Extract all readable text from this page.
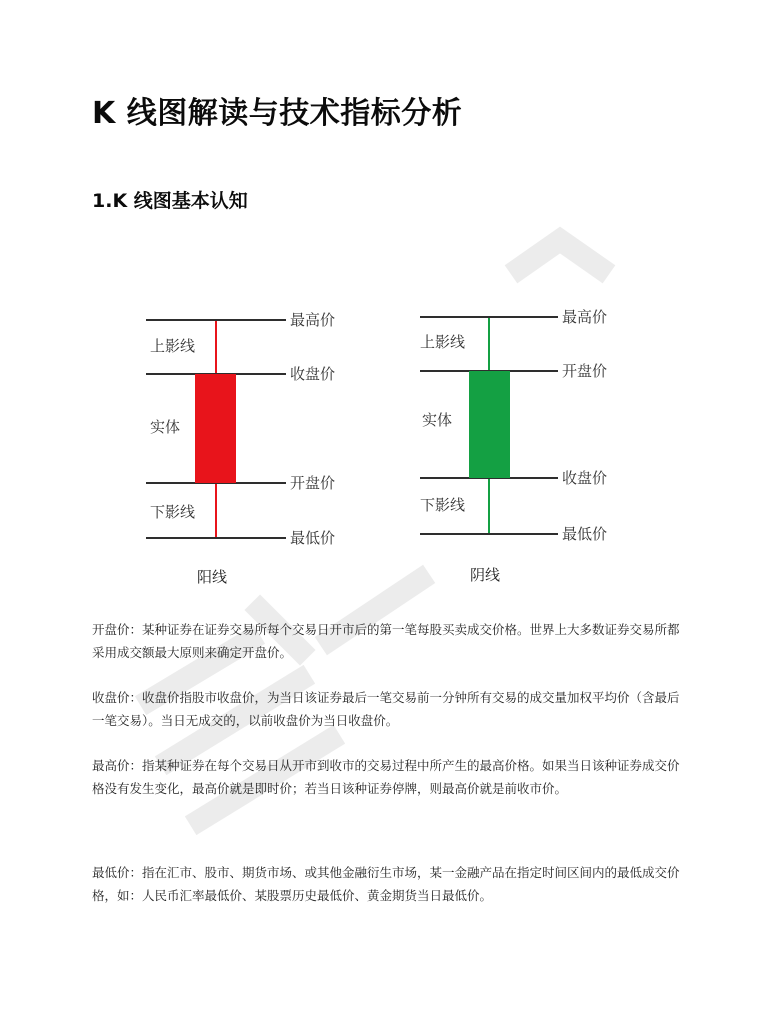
K 线图解读与技术指标分析
1.K 线图基本认知
上影线
实体
下影线
最高价
收盘价
开盘价
最低价
阳线
上影线
实体
下影线
最高价
开盘价
收盘价
最低价
阴线

开盘价：某种证券在证券交易所每个交易日开市后的第一笔每股买卖成交价格。世界上大多数证券交易所都采用成交额最大原则来确定开盘价。

收盘价：收盘价指股市收盘价，为当日该证券最后一笔交易前一分钟所有交易的成交量加权平均价（含最后一笔交易）。当日无成交的，以前收盘价为当日收盘价。

最高价：指某种证券在每个交易日从开市到收市的交易过程中所产生的最高价格。如果当日该种证券成交价格没有发生变化，最高价就是即时价；若当日该种证券停牌，则最高价就是前收市价。

最低价：指在汇市、股市、期货市场、或其他金融衍生市场，某一金融产品在指定时间区间内的最低成交价格，如：人民币汇率最低价、某股票历史最低价、黄金期货当日最低价。
